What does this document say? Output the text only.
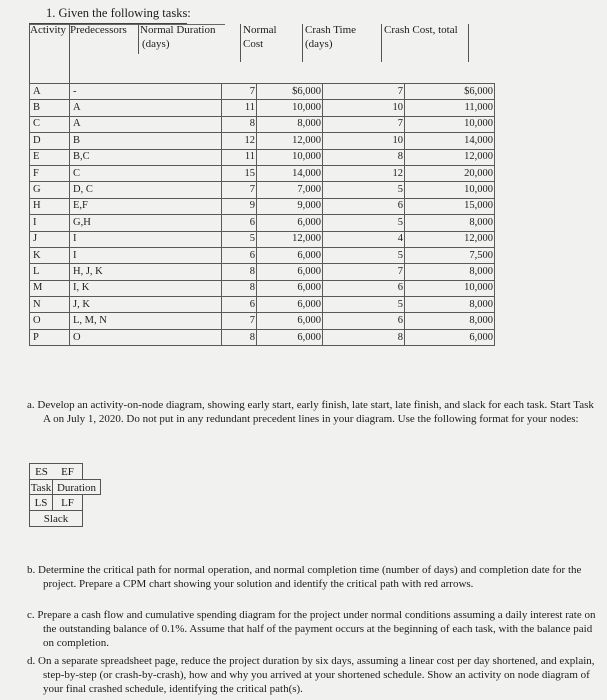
1. Given the following tasks:
Activity Predecessors Normal Duration
(days)
Normal
Cost
Crash Time
(days)
Crash Cost, total
A	-	7	$6,000	7	$6,000
B	A	11	10,000	10	11,000
C	A	8	8,000	7	10,000
D	B	12	12,000	10	14,000
E	B,C	11	10,000	8	12,000
F	C	15	14,000	12	20,000
G	D, C	7	7,000	5	10,000
H	E,F	9	9,000	6	15,000
I	G,H	6	6,000	5	8,000
J	I	5	12,000	4	12,000
K	I	6	6,000	5	7,500
L	H, J, K	8	6,000	7	8,000
M	I, K	8	6,000	6	10,000
N	J, K	6	6,000	5	8,000
O	L, M, N	7	6,000	6	8,000
P	O	8	6,000	8	6,000
a. Develop an activity-on-node diagram, showing early start, early finish, late start, late finish, and slack for each task. Start Task A on July 1, 2020. Do not put in any redundant precedent lines in your diagram. Use the following format for your nodes:
ES	EF
Task Duration
LS	LF
Slack
b. Determine the critical path for normal operation, and normal completion time (number of days) and completion date for the project. Prepare a CPM chart showing your solution and identify the critical path with red arrows.
c. Prepare a cash flow and cumulative spending diagram for the project under normal conditions assuming a daily interest rate on the outstanding balance of 0.1%. Assume that half of the payment occurs at the beginning of each task, with the balance paid on completion.
d. On a separate spreadsheet page, reduce the project duration by six days, assuming a linear cost per day shortened, and explain, step-by-step (or crash-by-crash), how and why you arrived at your shortened schedule. Show an activity on node diagram of your final crashed schedule, identifying the critical path(s).
